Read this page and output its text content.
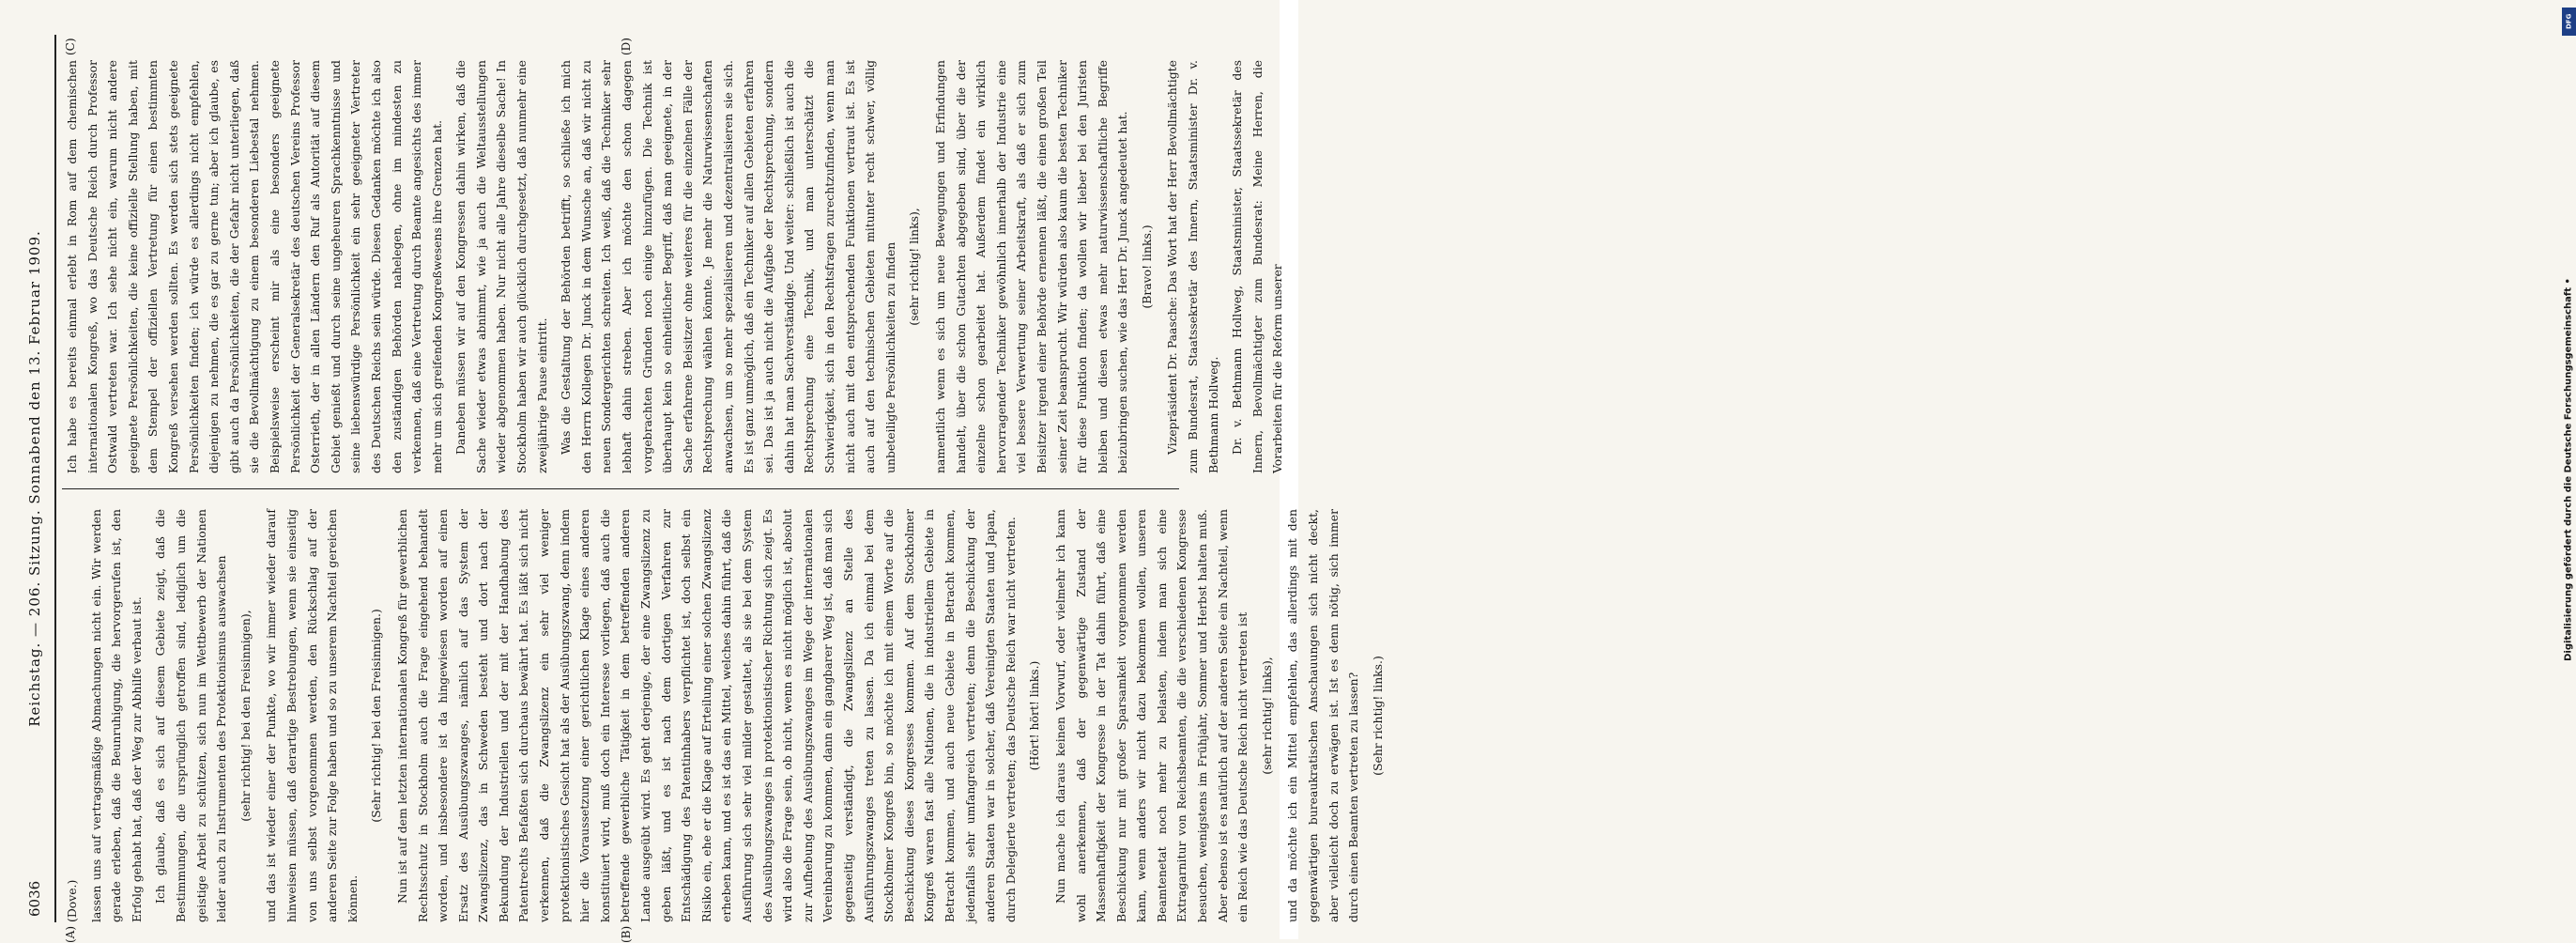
DFG
Digitalisierung gefördert durch die Deutsche Forschungsgemeinschaft •
6036
Reichstag. — 206. Sitzung. Sonnabend den 13. Februar 1909.
(A)	(B)
(C)	(D)

(Dove.) lassen uns auf vertragsmäßige Abmachungen nicht ein. Wir werden gerade erleben, daß die Beunruhigung, die hervorgerufen ist, den Erfolg gehabt hat, daß der Weg zur Abhilfe verbaut ist. Ich glaube, daß es sich auf diesem Gebiete zeigt, daß die Bestimmungen, die ursprünglich getroffen sind, lediglich um die geistige Arbeit zu schützen, sich nun im Wettbewerb der Nationen leider auch zu Instrumenten des Protektionismus auswachsen (sehr richtig! bei den Freisinnigen), und das ist wieder einer der Punkte, wo wir immer wieder darauf hinweisen müssen, daß derartige Bestrebungen, wenn sie einseitig von uns selbst vorgenommen werden, den Rückschlag auf der anderen Seite zur Folge haben und so zu unserem Nachteil gereichen können.

(Sehr richtig! bei den Freisinnigen.) Nun ist auf dem letzten internationalen Kongreß für gewerblichen Rechtsschutz in Stockholm auch die Frage eingehend behandelt worden, und insbesondere ist da hingewiesen worden auf einen Ersatz des Ausübungszwanges, nämlich auf das System der Zwangslizenz, das in Schweden besteht und dort nach der Bekundung der Industriellen und der mit der Handhabung des Patentrechts Befaßten sich durchaus bewährt hat. Es läßt sich nicht verkennen, daß die Zwangslizenz ein sehr viel weniger protektionistisches Gesicht hat als der Ausübungszwang, denn indem hier die Voraussetzung einer gerichtlichen Klage eines anderen konstituiert wird, muß doch ein Interesse vorliegen, daß auch die betreffende gewerbliche Tätigkeit in dem betreffenden anderen Lande ausgeübt wird. Es geht derjenige, der eine Zwangslizenz zu geben läßt, und es ist nach dem dortigen Verfahren zur Entschädigung des Patentinhabers verpflichtet ist, doch selbst ein Risiko ein, ehe er die Klage auf Erteilung einer solchen Zwangslizenz erheben kann, und es ist das ein Mittel, welches dahin führt, daß die Ausführung sich sehr viel milder gestaltet, als sie bei dem System des Ausübungszwanges in protektionistischer Richtung sich zeigt. Es wird also die Frage sein, ob nicht, wenn es nicht möglich ist, absolut zur Aufhebung des Ausübungszwanges im Wege der internationalen Vereinbarung zu kommen, dann ein gangbarer Weg ist, daß man sich gegenseitig verständigt, die Zwangslizenz an Stelle des Ausführungszwanges treten zu lassen. Da ich einmal bei dem Stockholmer Kongreß bin, so möchte ich mit einem Worte auf die Beschickung dieses Kongresses kommen. Auf dem Stockholmer Kongreß waren fast alle Nationen, die in industriellem Gebiete in Betracht kommen, und auch neue Gebiete in Betracht kommen, jedenfalls sehr umfangreich vertreten; denn die Beschickung der anderen Staaten war in solcher, daß Vereinigten Staaten und Japan, durch Delegierte vertreten; das Deutsche Reich war nicht vertreten. (Hört! hört! links.) Nun mache ich daraus keinen Vorwurf, oder vielmehr ich kann wohl anerkennen, daß der gegenwärtige Zustand der Massenhaftigkeit der Kongresse in der Tat dahin führt, daß eine Beschickung nur mit großer Sparsamkeit vorgenommen werden kann, wenn anders wir nicht dazu bekommen wollen, unseren Beamtenetat noch mehr zu belasten, indem man sich eine Extragarnitur von Reichsbeamten, die die verschiedenen Kongresse besuchen, wenigstens im Frühjahr, Sommer und Herbst halten muß. Aber ebenso ist es natürlich auf der anderen Seite ein Nachteil, wenn ein Reich wie das Deutsche Reich nicht vertreten ist (sehr richtig! links), und da möchte ich ein Mittel empfehlen, das allerdings mit den gegenwärtigen bureaukratischen Anschauungen sich nicht deckt, aber vielleicht doch zu erwägen ist. Ist es denn nötig, sich immer durch einen Beamten vertreten zu lassen? (Sehr richtig! links.)

Ich habe es bereits einmal erlebt in Rom auf dem chemischen internationalen Kongreß, wo das Deutsche Reich durch Professor Ostwald vertreten war. Ich sehe nicht ein, warum nicht andere geeignete Persönlichkeiten, die keine offizielle Stellung haben, mit dem Stempel der offiziellen Vertretung für einen bestimmten Kongreß versehen werden sollten. Es werden sich stets geeignete Persönlichkeiten finden; ich würde es allerdings nicht empfehlen, diejenigen zu nehmen, die es gar zu gerne tun; aber ich glaube, es gibt auch da Persönlichkeiten, die der Gefahr nicht unterliegen, daß sie die Bevollmächtigung zu einem besonderen Liebestal nehmen. Beispielsweise erscheint mir als eine besonders geeignete Persönlichkeit der Generalsekretär des deutschen Vereins Professor Osterrieth, der in allen Ländern den Ruf als Autorität auf diesem Gebiet genießt und durch seine ungeheuren Sprachkenntnisse und seine liebenswürdige Persönlichkeit ein sehr geeigneter Vertreter des Deutschen Reichs sein würde. Diesen Gedanken möchte ich also den zuständigen Behörden nahelegen, ohne im mindesten zu verkennen, daß eine Vertretung durch Beamte angesichts des immer mehr um sich greifenden Kongreßwesens ihre Grenzen hat. Daneben müssen wir auf den Kongressen dahin wirken, daß die Sache wieder etwas abnimmt, wie ja auch die Weltausstellungen wieder abgenommen haben. Nur nicht alle Jahre dieselbe Sache! In Stockholm haben wir auch glücklich durchgesetzt, daß nunmehr eine zweijährige Pause eintritt. Was die Gestaltung der Behörden betrifft, so schließe ich mich den Herrn Kollegen Dr. Junck in dem Wunsche an, daß wir nicht zu neuen Sondergerichten schreiten. Ich weiß, daß die Techniker sehr lebhaft dahin streben. Aber ich möchte den schon dagegen vorgebrachten Gründen noch einige hinzufügen. Die Technik ist überhaupt kein so einheitlicher Begriff, daß man geeignete, in der Sache erfahrene Beisitzer ohne weiteres für die einzelnen Fälle der Rechtsprechung wählen könnte. Je mehr die Naturwissenschaften anwachsen, um so mehr spezialisieren und dezentralisieren sie sich. Es ist ganz unmöglich, daß ein Techniker auf allen Gebieten erfahren sei. Das ist ja auch nicht die Aufgabe der Rechtsprechung, sondern dahin hat man Sachverständige. Und weiter: schließlich ist auch die Rechtsprechung eine Technik, und man unterschätzt die Schwierigkeit, sich in den Rechtsfragen zurechtzufinden, wenn man nicht auch mit den entsprechenden Funktionen vertraut ist. Es ist auch auf den technischen Gebieten mitunter recht schwer, völlig unbeteiligte Persönlichkeiten zu finden (sehr richtig! links), namentlich wenn es sich um neue Bewegungen und Erfindungen handelt, über die schon Gutachten abgegeben sind, über die der einzelne schon gearbeitet hat. Außerdem findet ein wirklich hervorragender Techniker gewöhnlich innerhalb der Industrie eine viel bessere Verwertung seiner Arbeitskraft, als daß er sich zum Beisitzer irgend einer Behörde ernennen läßt, die einen großen Teil seiner Zeit beansprucht. Wir würden also kaum die besten Techniker für diese Funktion finden; da wollen wir lieber bei den Juristen bleiben und diesen etwas mehr naturwissenschaftliche Begriffe beizubringen suchen, wie das Herr Dr. Junck angedeutet hat. (Bravo! links.) Vizepräsident Dr. Paasche: Das Wort hat der Herr Bevollmächtigte zum Bundesrat, Staatssekretär des Innern, Staatsminister Dr. v. Bethmann Hollweg. Dr. v. Bethmann Hollweg, Staatsminister, Staatssekretär des Innern, Bevollmächtigter zum Bundesrat: Meine Herren, die Vorarbeiten für die Reform unserer
